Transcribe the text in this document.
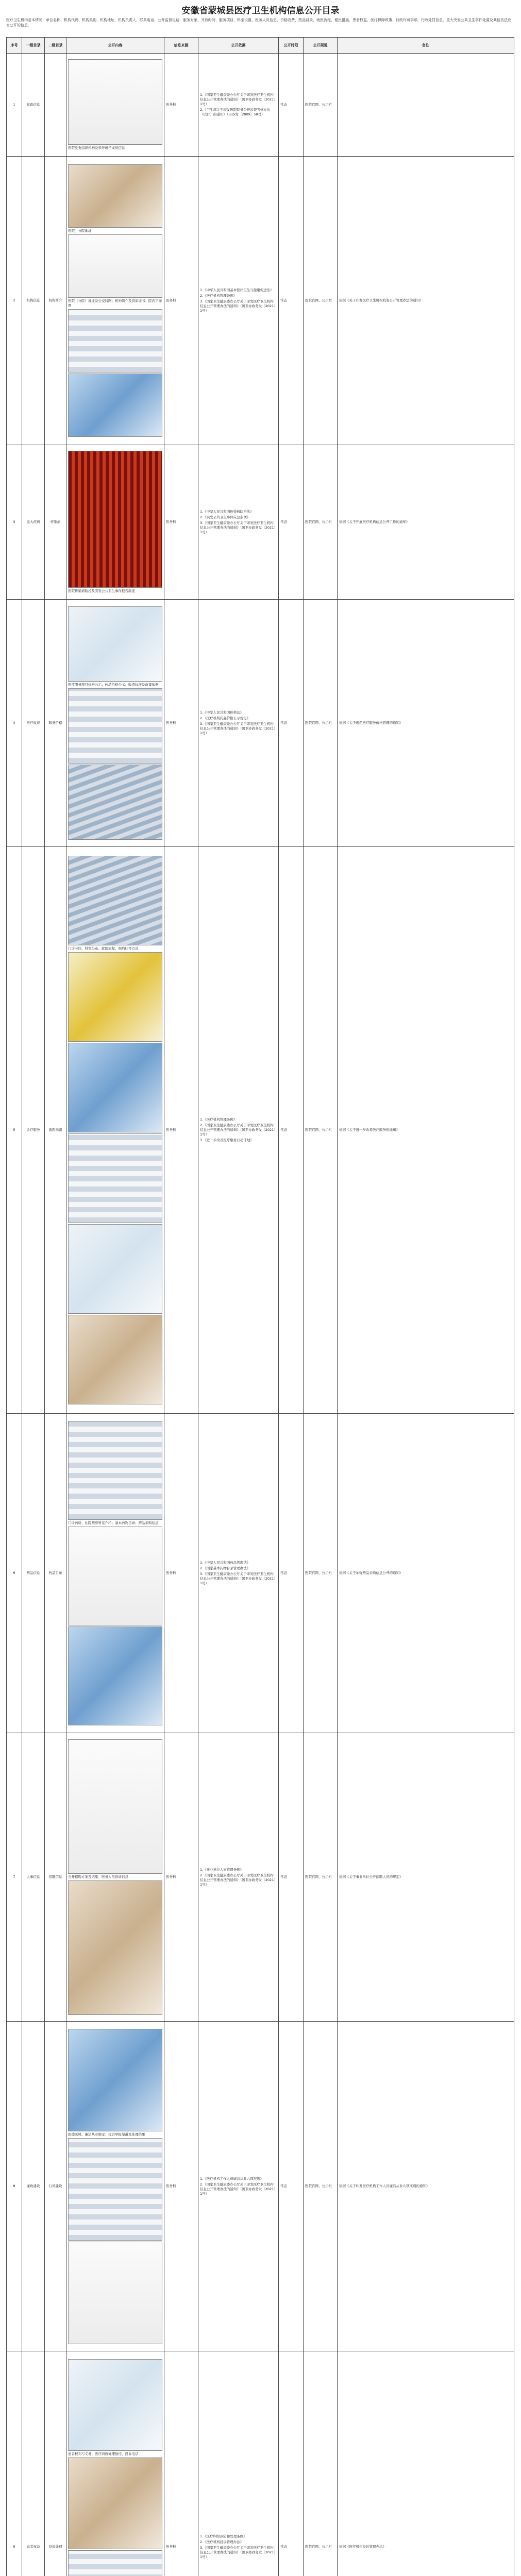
安徽省蒙城县医疗卫生机构信息公开目录
医疗卫生机构基本情况：单位名称、机构代码、机构类别、机构地址、机构负责人、联系电话、公开监督电话、服务对象、开放时间、服务项目、科室设置、医务人员信息、价格收费、药品目录、就医流程、便民措施、患者权益、医疗保障政策、行政许可事项、行政处罚信息、重大突发公共卫生事件处置及其他依法应当公开的信息。
序号	一级目录	二级目录	公开内容	信息来源	公开依据	公开时限	公开渠道	备注
1	党政信息		医院党委组织机构及领导班子成员信息	医务科	1.《国家卫生健康委办公厅关于印发医疗卫生机构信息公开管理办法的通知》（国卫办政务发〔2021〕1号）
2.《卫生部关于印发医院院务公开监督考核办法（试行）的通知》（卫办发〔2009〕58号）	常态	医院官网、公示栏	
2	机构信息	机构简介	医院、分院地址
医院（分院）地址及公交线路；机构简介及资质证书；院内平面图	医务科	1.《中华人民共和国基本医疗卫生与健康促进法》
2.《医疗机构管理条例》
3.《国家卫生健康委办公厅关于印发医疗卫生机构信息公开管理办法的通知》（国卫办政务发〔2021〕1号）	常态	医院官网、公示栏	依据《关于印发医疗卫生机构院务公开管理办法的通知》
3	重大疾病	传染病	医院传染病防控及突发公共卫生事件报告制度	医务科	1.《中华人民共和国传染病防治法》
2.《突发公共卫生事件应急条例》
3.《国家卫生健康委办公厅关于印发医疗卫生机构信息公开管理办法的通知》（国卫办政务发〔2021〕1号）	常态	医院官网、公示栏	依据《关于开展医疗机构信息公开工作的通知》
4	医疗收费	服务价格	医疗服务项目价格公示；药品价格公示；收费标准及政策依据	医务科	1.《中华人民共和国价格法》
2.《医疗机构药品价格公示规定》
3.《国家卫生健康委办公厅关于印发医疗卫生机构信息公开管理办法的通知》（国卫办政务发〔2021〕1号）	常态	医院官网、公示栏	依据《关于规范医疗服务价格管理的通知》
5	诊疗服务	就医指南	门诊时间、科室分布、就医流程、预约挂号方式	医务科	1.《医疗机构管理条例》
2.《国家卫生健康委办公厅关于印发医疗卫生机构信息公开管理办法的通知》（国卫办政务发〔2021〕1号）
3.《进一步改善医疗服务行动计划》	常态	医院官网、公示栏	依据《关于进一步改善医疗服务的通知》
6	药品信息	药品目录	门诊药房、住院药房科室介绍；基本药物目录；药品采购信息	医务科	1.《中华人民共和国药品管理法》
2.《国家基本药物目录管理办法》
3.《国家卫生健康委办公厅关于印发医疗卫生机构信息公开管理办法的通知》（国卫办政务发〔2021〕1号）	常态	医院官网、公示栏	依据《关于加强药品采购信息公开的通知》
7	人事信息	招聘信息	公开招聘方案及结果、医务人员资质信息	医务科	1.《事业单位人事管理条例》
2.《国家卫生健康委办公厅关于印发医疗卫生机构信息公开管理办法的通知》（国卫办政务发〔2021〕1号）	常态	医院官网、公示栏	依据《关于事业单位公开招聘人员的规定》
8	廉政建设	行风建设	医德医风、廉洁从业规定；投诉举报渠道及处理结果	医务科	1.《医疗机构工作人员廉洁从业九项准则》
2.《国家卫生健康委办公厅关于印发医疗卫生机构信息公开管理办法的通知》（国卫办政务发〔2021〕1号）	常态	医院官网、公示栏	依据《关于印发医疗机构工作人员廉洁从业九项准则的通知》
9	患者权益	投诉处理	患者权利与义务、医疗纠纷处理途径、投诉电话	医务科	1.《医疗纠纷预防和处理条例》
2.《医疗机构投诉管理办法》
3.《国家卫生健康委办公厅关于印发医疗卫生机构信息公开管理办法的通知》（国卫办政务发〔2021〕1号）	常态	医院官网、公示栏	依据《医疗机构投诉管理办法》
